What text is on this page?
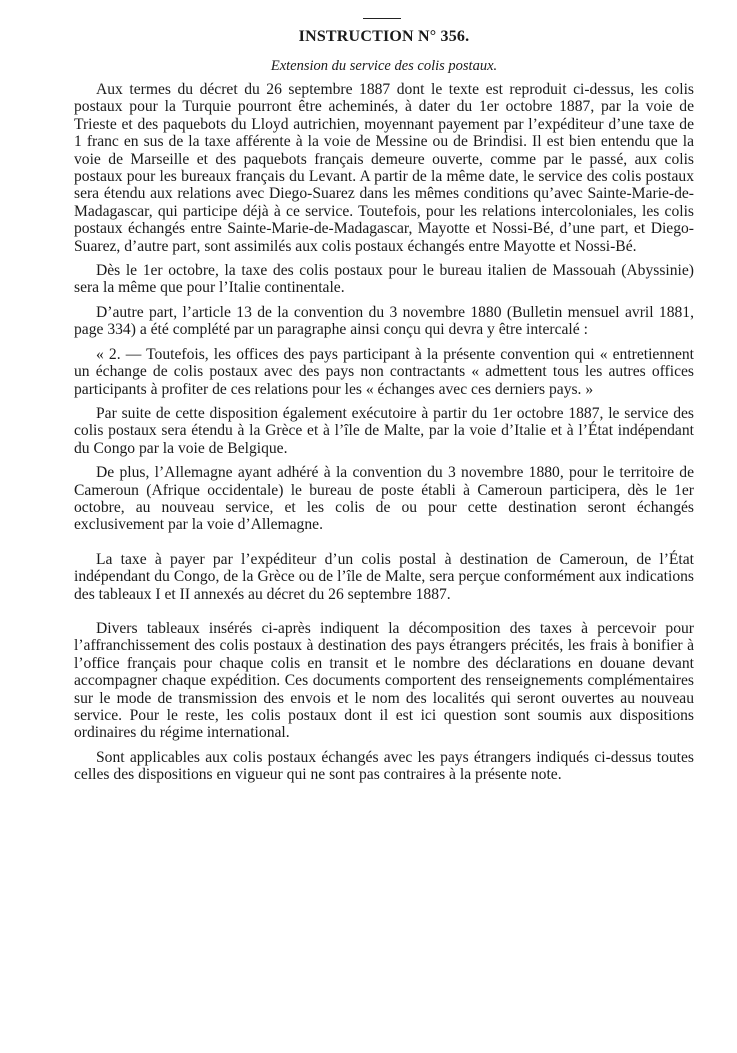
INSTRUCTION N° 356.
Extension du service des colis postaux.

Aux termes du décret du 26 septembre 1887 dont le texte est reproduit ci-dessus, les colis postaux pour la Turquie pourront être acheminés, à dater du 1er octobre 1887, par la voie de Trieste et des paquebots du Lloyd autrichien, moyennant payement par l’expéditeur d’une taxe de 1 franc en sus de la taxe afférente à la voie de Messine ou de Brindisi. Il est bien entendu que la voie de Marseille et des paquebots français demeure ouverte, comme par le passé, aux colis postaux pour les bureaux français du Levant. A partir de la même date, le service des colis postaux sera étendu aux relations avec Diego-Suarez dans les mêmes conditions qu’avec Sainte-Marie-de-Madagascar, qui participe déjà à ce service. Toutefois, pour les relations intercoloniales, les colis postaux échangés entre Sainte-Marie-de-Madagascar, Mayotte et Nossi-Bé, d’une part, et Diego-Suarez, d’autre part, sont assimilés aux colis postaux échangés entre Mayotte et Nossi-Bé.

Dès le 1er octobre, la taxe des colis postaux pour le bureau italien de Massouah (Abyssinie) sera la même que pour l’Italie continentale.

D’autre part, l’article 13 de la convention du 3 novembre 1880 (Bulletin mensuel avril 1881, page 334) a été complété par un paragraphe ainsi conçu qui devra y être intercalé :

« 2. — Toutefois, les offices des pays participant à la présente convention qui « entretiennent un échange de colis postaux avec des pays non contractants « admettent tous les autres offices participants à profiter de ces relations pour les « échanges avec ces derniers pays. »

Par suite de cette disposition également exécutoire à partir du 1er octobre 1887, le service des colis postaux sera étendu à la Grèce et à l’île de Malte, par la voie d’Italie et à l’État indépendant du Congo par la voie de Belgique.

De plus, l’Allemagne ayant adhéré à la convention du 3 novembre 1880, pour le territoire de Cameroun (Afrique occidentale) le bureau de poste établi à Cameroun participera, dès le 1er octobre, au nouveau service, et les colis de ou pour cette destination seront échangés exclusivement par la voie d’Allemagne.

La taxe à payer par l’expéditeur d’un colis postal à destination de Cameroun, de l’État indépendant du Congo, de la Grèce ou de l’île de Malte, sera perçue conformément aux indications des tableaux I et II annexés au décret du 26 septembre 1887.

Divers tableaux insérés ci-après indiquent la décomposition des taxes à percevoir pour l’affranchissement des colis postaux à destination des pays étrangers précités, les frais à bonifier à l’office français pour chaque colis en transit et le nombre des déclarations en douane devant accompagner chaque expédition. Ces documents comportent des renseignements complémentaires sur le mode de transmission des envois et le nom des localités qui seront ouvertes au nouveau service. Pour le reste, les colis postaux dont il est ici question sont soumis aux dispositions ordinaires du régime international.

Sont applicables aux colis postaux échangés avec les pays étrangers indiqués ci-dessus toutes celles des dispositions en vigueur qui ne sont pas contraires à la présente note.
